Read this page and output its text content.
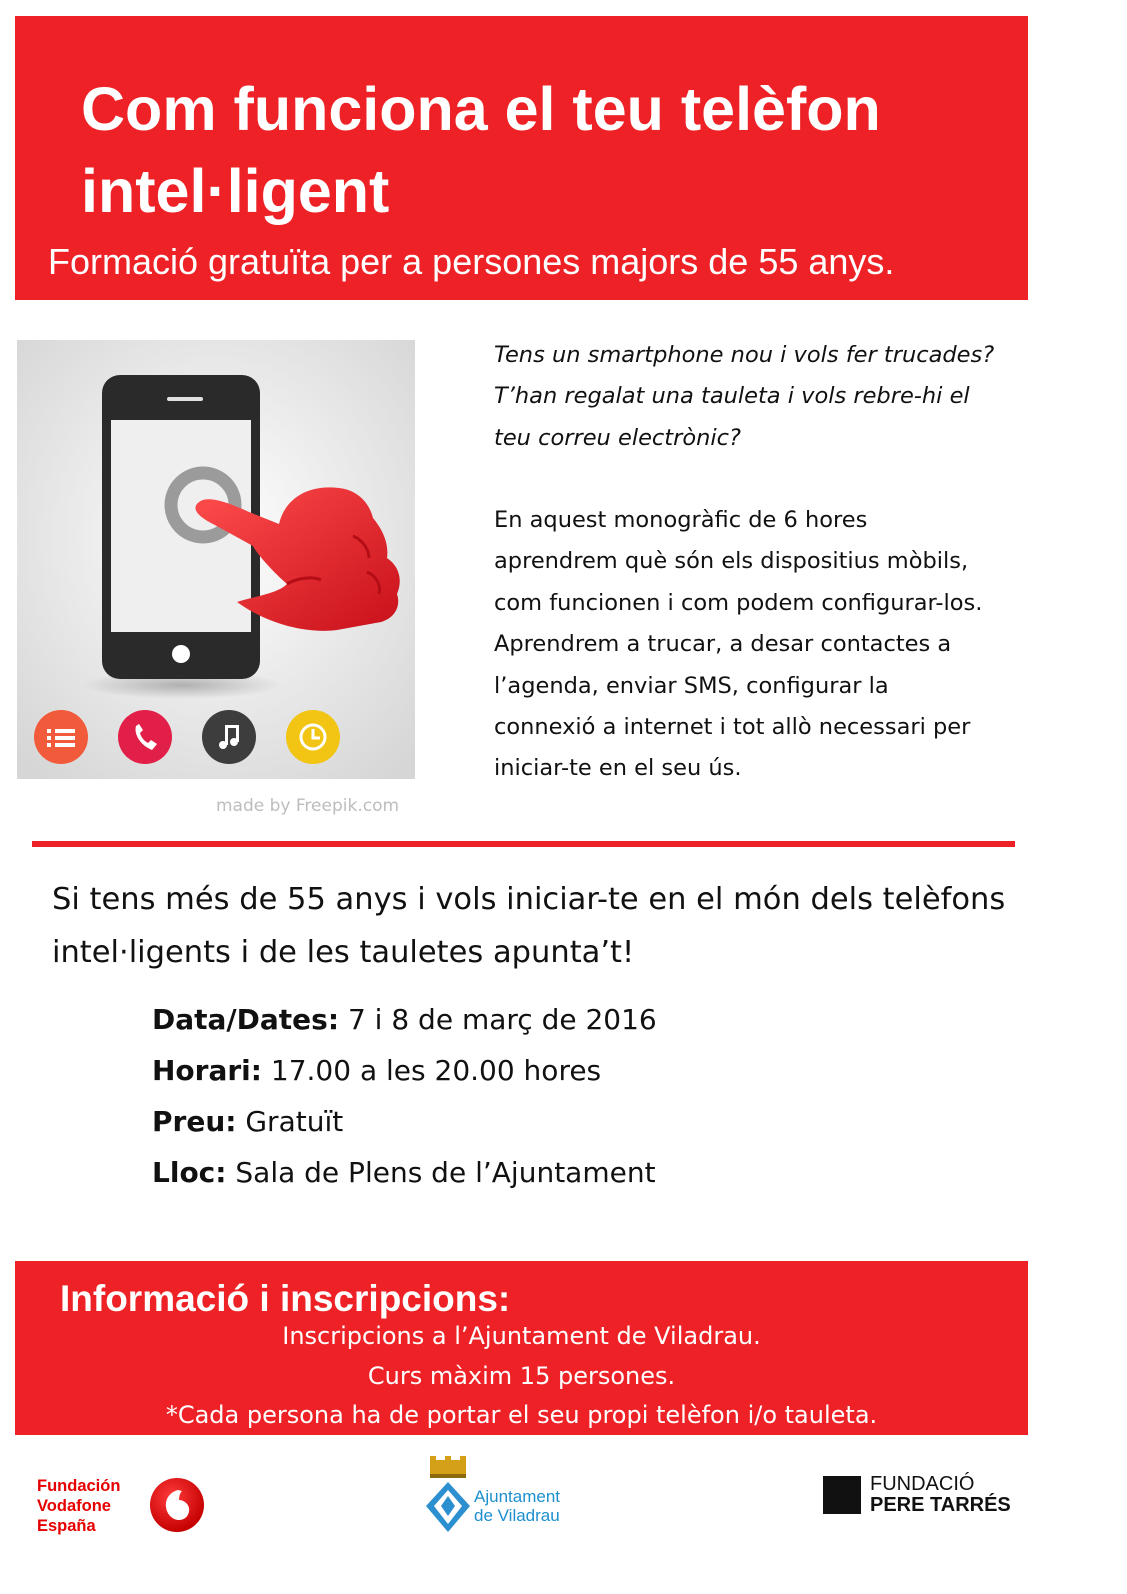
Com funciona el teu telèfon
intel·ligent

Formació gratuïta per a persones majors de 55 anys.

made by Freepik.com

Tens un smartphone nou i vols fer trucades?
T’han regalat una tauleta i vols rebre-hi el
teu correu electrònic?

En aquest monogràfic de 6 hores
aprendrem què són els dispositius mòbils,
com funcionen i com podem configurar-los.
Aprendrem a trucar, a desar contactes a
l’agenda, enviar SMS, configurar la
connexió a internet i tot allò necessari per
iniciar-te en el seu ús.

Si tens més de 55 anys i vols iniciar-te en el món dels telèfons
intel·ligents i de les tauletes apunta’t!

Data/Dates: 7 i 8 de març de 2016
Horari: 17.00 a les 20.00 hores
Preu: Gratuït
Lloc: Sala de Plens de l’Ajuntament
Informació i inscripcions:
Inscripcions a l’Ajuntament de Viladrau.
Curs màxim 15 persones.
*Cada persona ha de portar el seu propi telèfon i/o tauleta.
Fundación
Vodafone
España
Ajuntament
de Viladrau
FUNDACIÓ
PERE TARRÉS
